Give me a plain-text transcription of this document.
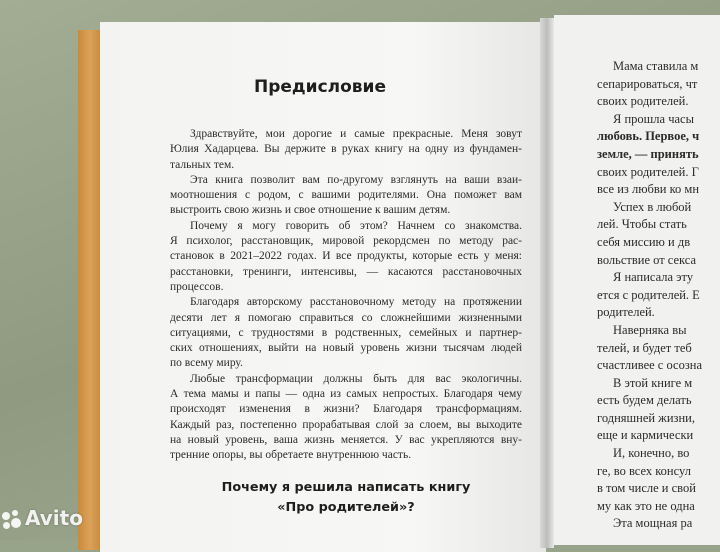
Предисловие
Здравствуйте, мои дорогие и самые прекрасные. Меня зовут
Юлия Хадарцева. Вы держите в руках книгу на одну из фундамен-
тальных тем.
Эта книга позволит вам по-другому взглянуть на ваши взаи-
моотношения с родом, с вашими родителями. Она поможет вам
выстроить свою жизнь и свое отношение к вашим детям.
Почему я могу говорить об этом? Начнем со знакомства.
Я психолог, расстановщик, мировой рекордсмен по методу рас-
становок в 2021–2022 годах. И все продукты, которые есть у меня:
расстановки, тренинги, интенсивы, — касаются расстановочных
процессов.
Благодаря авторскому расстановочному методу на протяжении
десяти лет я помогаю справиться со сложнейшими жизненными
ситуациями, с трудностями в родственных, семейных и партнер-
ских отношениях, выйти на новый уровень жизни тысячам людей
по всему миру.
Любые трансформации должны быть для вас экологичны.
А тема мамы и папы — одна из самых непростых. Благодаря чему
происходят изменения в жизни? Благодаря трансформациям.
Каждый раз, постепенно прорабатывая слой за слоем, вы выходите
на новый уровень, ваша жизнь меняется. У вас укрепляются вну-
тренние опоры, вы обретаете внутреннюю часть.
Почему я решила написать книгу
«Про родителей»?
Мама ставила м
сепарироваться, чт
своих родителей.
Я прошла часы
любовь. Первое, ч
земле, — принять
своих родителей. Г
все из любви ко мн
Успех в любой
лей. Чтобы стать
себя миссию и дв
вольствие от секса
Я написала эту
ется с родителей. Е
родителей.
Наверняка вы
телей, и будет теб
счастливее с осозна
В этой книге м
есть будем делать
годняшней жизни,
еще и кармически
И, конечно, во
ге, во всех консул
в том числе и свой
му как это не одна
Эта мощная ра
Avito
